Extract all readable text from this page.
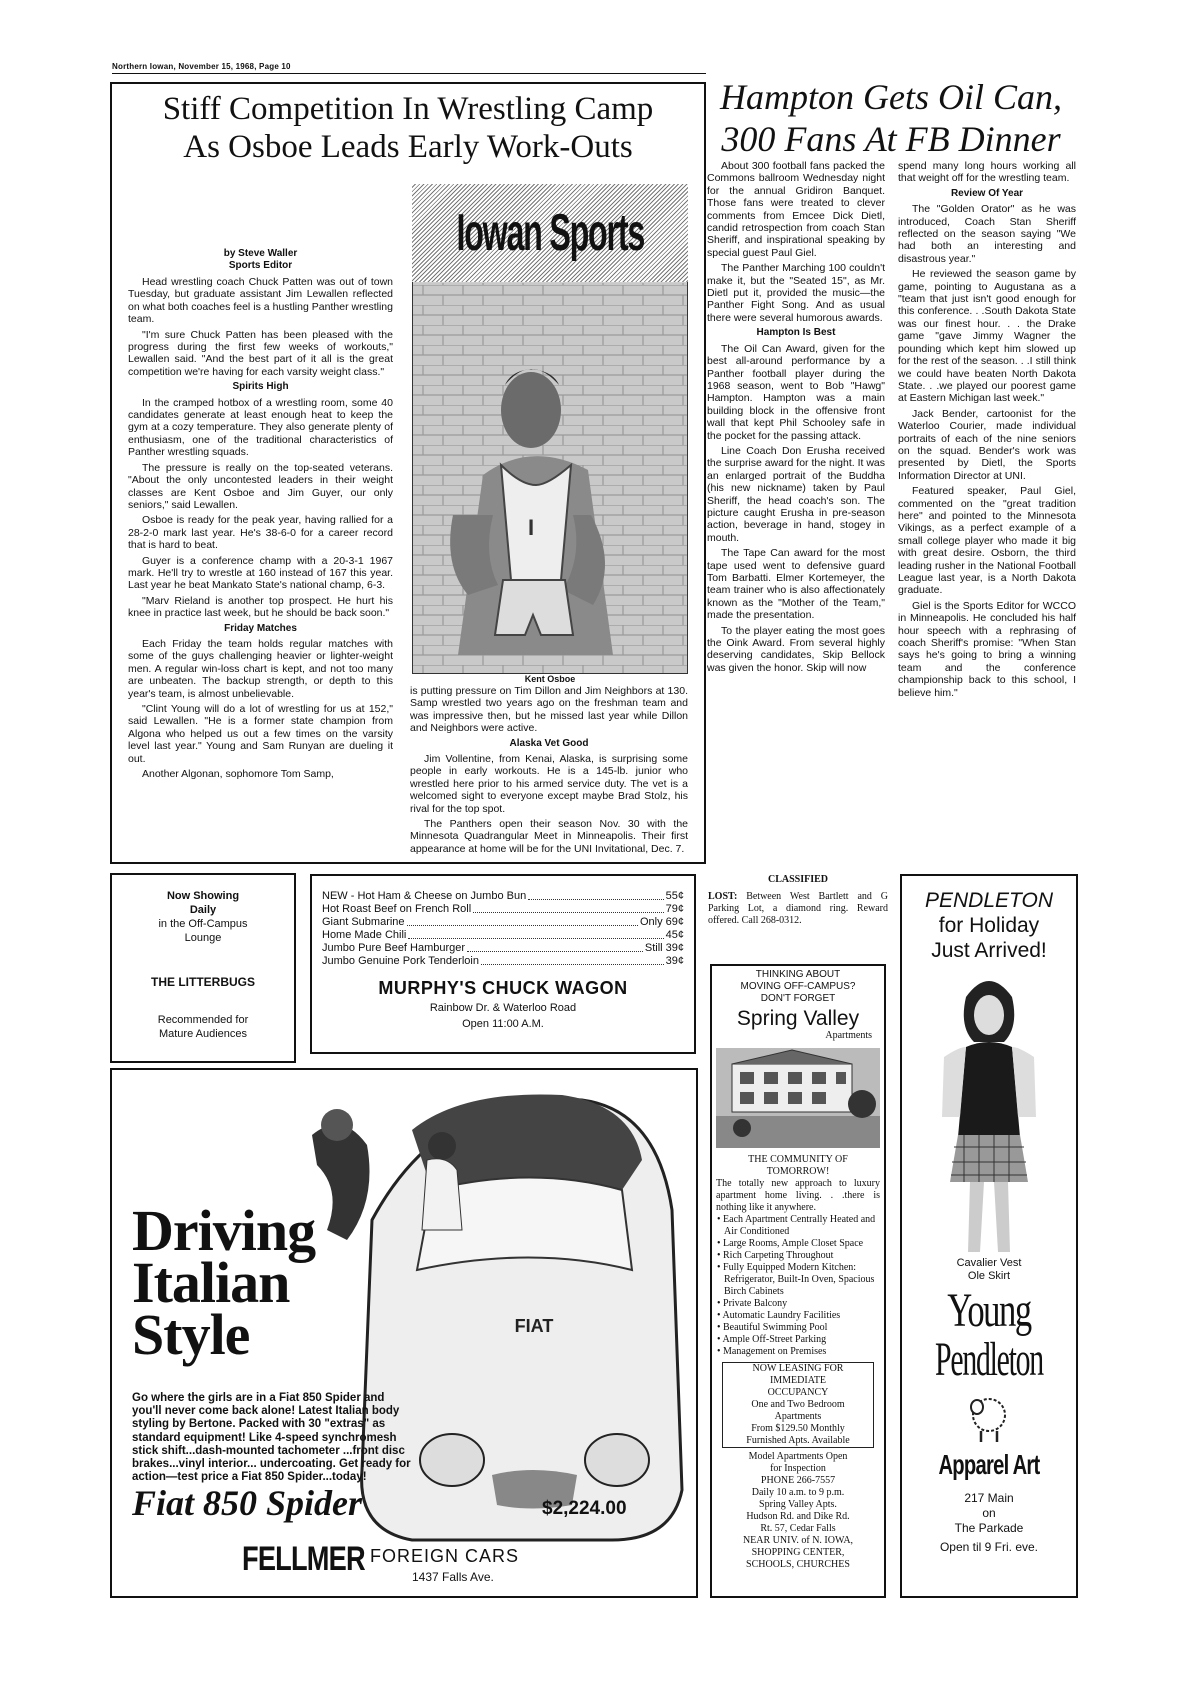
Northern Iowan, November 15, 1968, Page 10
Stiff Competition In Wrestling Camp
As Osboe Leads Early Work-Outs
by Steve Waller
Sports Editor

Head wrestling coach Chuck Patten was out of town Tuesday, but graduate assistant Jim Lewallen reflected on what both coaches feel is a hustling Panther wrestling team.

"I'm sure Chuck Patten has been pleased with the progress during the first few weeks of workouts," Lewallen said. "And the best part of it all is the great competition we're having for each varsity weight class."

Spirits High

In the cramped hotbox of a wrestling room, some 40 candidates generate at least enough heat to keep the gym at a cozy temperature. They also generate plenty of enthusiasm, one of the traditional characteristics of Panther wrestling squads.

The pressure is really on the top-seated veterans. "About the only uncontested leaders in their weight classes are Kent Osboe and Jim Guyer, our only seniors," said Lewallen.

Osboe is ready for the peak year, having rallied for a 28-2-0 mark last year. He's 38-6-0 for a career record that is hard to beat.

Guyer is a conference champ with a 20-3-1 1967 mark. He'll try to wrestle at 160 instead of 167 this year. Last year he beat Mankato State's national champ, 6-3.

"Marv Rieland is another top prospect. He hurt his knee in practice last week, but he should be back soon."

Friday Matches

Each Friday the team holds regular matches with some of the guys challenging heavier or lighter-weight men. A regular win-loss chart is kept, and not too many are unbeaten. The backup strength, or depth to this year's team, is almost unbelievable.

"Clint Young will do a lot of wrestling for us at 152," said Lewallen. "He is a former state champion from Algona who helped us out a few times on the varsity level last year." Young and Sam Runyan are dueling it out.

Another Algonan, sophomore Tom Samp,

I
Iowan Sports
Kent Osboe

is putting pressure on Tim Dillon and Jim Neighbors at 130. Samp wrestled two years ago on the freshman team and was impressive then, but he missed last year while Dillon and Neighbors were active.

Alaska Vet Good

Jim Vollentine, from Kenai, Alaska, is surprising some people in early workouts. He is a 145-lb. junior who wrestled here prior to his armed service duty. The vet is a welcomed sight to everyone except maybe Brad Stolz, his rival for the top spot.

The Panthers open their season Nov. 30 with the Minnesota Quadrangular Meet in Minneapolis. Their first appearance at home will be for the UNI Invitational, Dec. 7.

Hampton Gets Oil Can,
300 Fans At FB Dinner

About 300 football fans packed the Commons ballroom Wednesday night for the annual Gridiron Banquet. Those fans were treated to clever comments from Emcee Dick Dietl, candid retrospection from coach Stan Sheriff, and inspirational speaking by special guest Paul Giel.

The Panther Marching 100 couldn't make it, but the "Seated 15", as Mr. Dietl put it, provided the music—the Panther Fight Song. And as usual there were several humorous awards.

Hampton Is Best

The Oil Can Award, given for the best all-around performance by a Panther football player during the 1968 season, went to Bob "Hawg" Hampton. Hampton was a main building block in the offensive front wall that kept Phil Schooley safe in the pocket for the passing attack.

Line Coach Don Erusha received the surprise award for the night. It was an enlarged portrait of the Buddha (his new nickname) taken by Paul Sheriff, the head coach's son. The picture caught Erusha in pre-season action, beverage in hand, stogey in mouth.

The Tape Can award for the most tape used went to defensive guard Tom Barbatti. Elmer Kortemeyer, the team trainer who is also affectionately known as the "Mother of the Team," made the presentation.

To the player eating the most goes the Oink Award. From several highly deserving candidates, Skip Bellock was given the honor. Skip will now

spend many long hours working all that weight off for the wrestling team.

Review Of Year

The "Golden Orator" as he was introduced, Coach Stan Sheriff reflected on the season saying "We had both an interesting and disastrous year."

He reviewed the season game by game, pointing to Augustana as a "team that just isn't good enough for this conference. . .South Dakota State was our finest hour. . . the Drake game "gave Jimmy Wagner the pounding which kept him slowed up for the rest of the season. . .I still think we could have beaten North Dakota State. . .we played our poorest game at Eastern Michigan last week."

Jack Bender, cartoonist for the Waterloo Courier, made individual portraits of each of the nine seniors on the squad. Bender's work was presented by Dietl, the Sports Information Director at UNI.

Featured speaker, Paul Giel, commented on the "great tradition here" and pointed to the Minnesota Vikings, as a perfect example of a small college player who made it big with great desire. Osborn, the third leading rusher in the National Football League last year, is a North Dakota graduate.

Giel is the Sports Editor for WCCO in Minneapolis. He concluded his half hour speech with a rephrasing of coach Sheriff's promise: "When Stan says he's going to bring a winning team and the conference championship back to this school, I believe him."

Now Showing
Daily
in the Off-Campus
Lounge
THE LITTERBUGS
Recommended for
Mature Audiences
NEW - Hot Ham & Cheese on Jumbo Bun	55¢
Hot Roast Beef on French Roll	79¢
Giant Submarine	Only 69¢
Home Made Chili	45¢
Jumbo Pure Beef Hamburger	Still 39¢
Jumbo Genuine Pork Tenderloin	39¢
MURPHY'S CHUCK WAGON
Rainbow Dr. & Waterloo Road
Open 11:00 A.M.
FIAT
Driving
Italian
Style
Go where the girls are in a Fiat 850 Spider and you'll never come back alone! Latest Italian body styling by Bertone. Packed with 30 "extras" as standard equipment! Like 4-speed synchromesh stick shift...dash-mounted tachometer ...front disc brakes...vinyl interior... undercoating. Get ready for action—test price a Fiat 850 Spider...today!
Fiat 850 Spider	$2,224.00
FELLMER FOREIGN CARS
1437 Falls Ave.
CLASSIFIED

LOST: Between West Bartlett and G Parking Lot, a diamond ring. Reward offered. Call 268-0312.

THINKING ABOUT
MOVING OFF-CAMPUS?
DON'T FORGET
Spring Valley
Apartments
THE COMMUNITY OF
TOMORROW!

The totally new approach to luxury apartment home living. . .there is nothing like it anywhere.

• Each Apartment Centrally Heated and Air Conditioned
• Large Rooms, Ample Closet Space
• Rich Carpeting Throughout
• Fully Equipped Modern Kitchen: Refrigerator, Built-In Oven, Spacious Birch Cabinets
• Private Balcony
• Automatic Laundry Facilities
• Beautiful Swimming Pool
• Ample Off-Street Parking
• Management on Premises
NOW LEASING FOR
IMMEDIATE
OCCUPANCY
One and Two Bedroom
Apartments
From $129.50 Monthly
Furnished Apts. Available
Model Apartments Open
for Inspection
PHONE 266-7557
Daily 10 a.m. to 9 p.m.
Spring Valley Apts.
Hudson Rd. and Dike Rd.
Rt. 57, Cedar Falls
NEAR UNIV. of N. IOWA,
SHOPPING CENTER,
SCHOOLS, CHURCHES
PENDLETON
for Holiday
Just Arrived!
Cavalier Vest
Ole Skirt
Young
Pendleton
Apparel Art
217 Main
on
The Parkade
Open til 9 Fri. eve.
